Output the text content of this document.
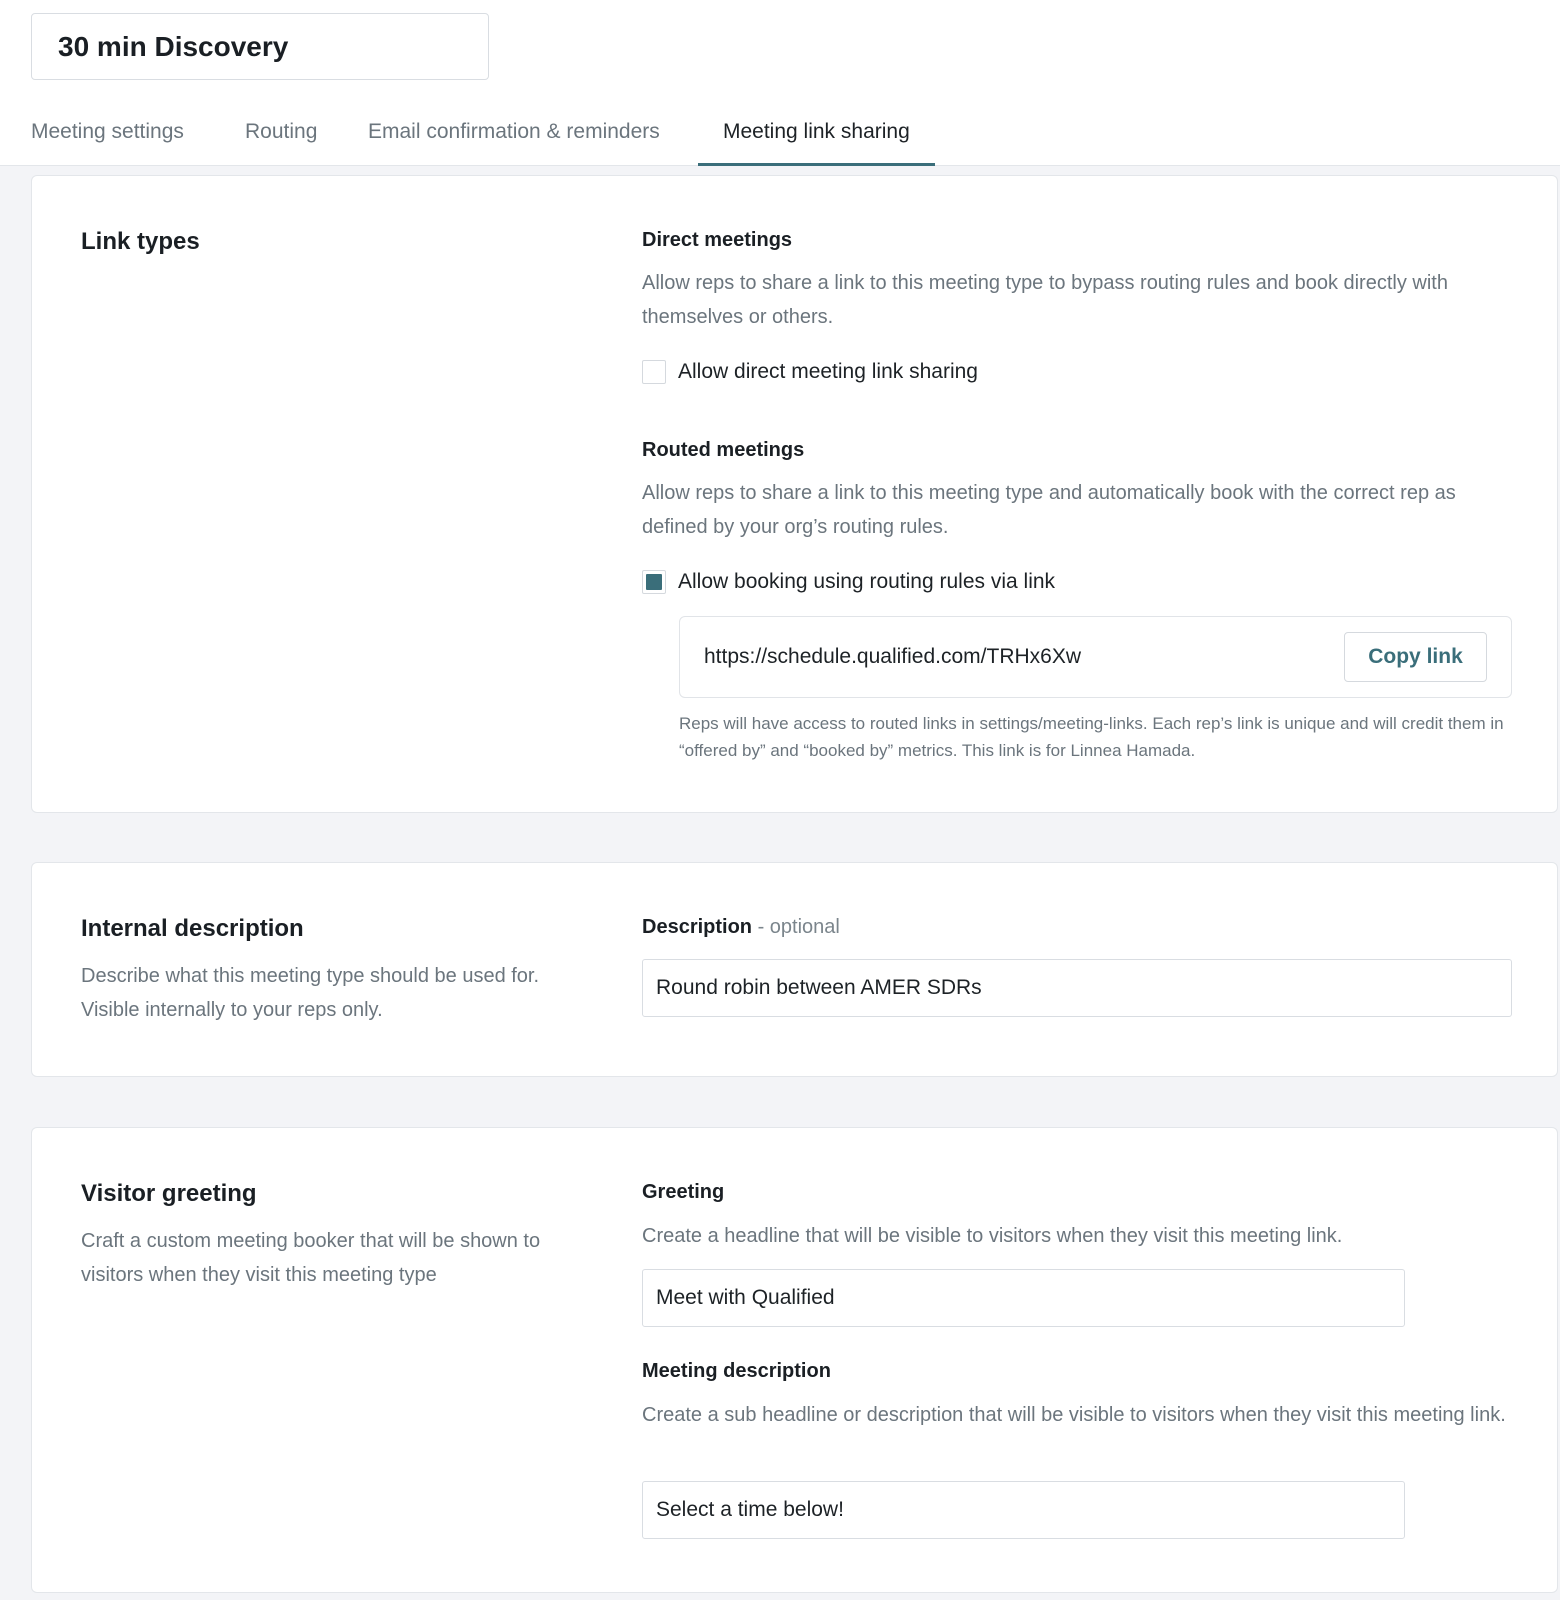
30 min Discovery
Meeting settings	Routing Email confirmation & reminders	Meeting link sharing
Link types	Direct meetings
Allow reps to share a link to this meeting type to bypass routing rules and book directly with themselves or others.
Allow direct meeting link sharing
Routed meetings
Allow reps to share a link to this meeting type and automatically book with the correct rep as defined by your org’s routing rules.
Allow booking using routing rules via link
https://schedule.qualified.com/TRHx6Xw	Copy link
Reps will have access to routed links in settings/meeting-links. Each rep’s link is unique and will credit them in “offered by” and “booked by” metrics. This link is for Linnea Hamada.
Internal description
Describe what this meeting type should be used for. Visible internally to your reps only.
Description - optional
Round robin between AMER SDRs
Visitor greeting
Craft a custom meeting booker that will be shown to visitors when they visit this meeting type
Greeting
Create a headline that will be visible to visitors when they visit this meeting link.
Meet with Qualified
Meeting description
Create a sub headline or description that will be visible to visitors when they visit this meeting link.
Select a time below!
